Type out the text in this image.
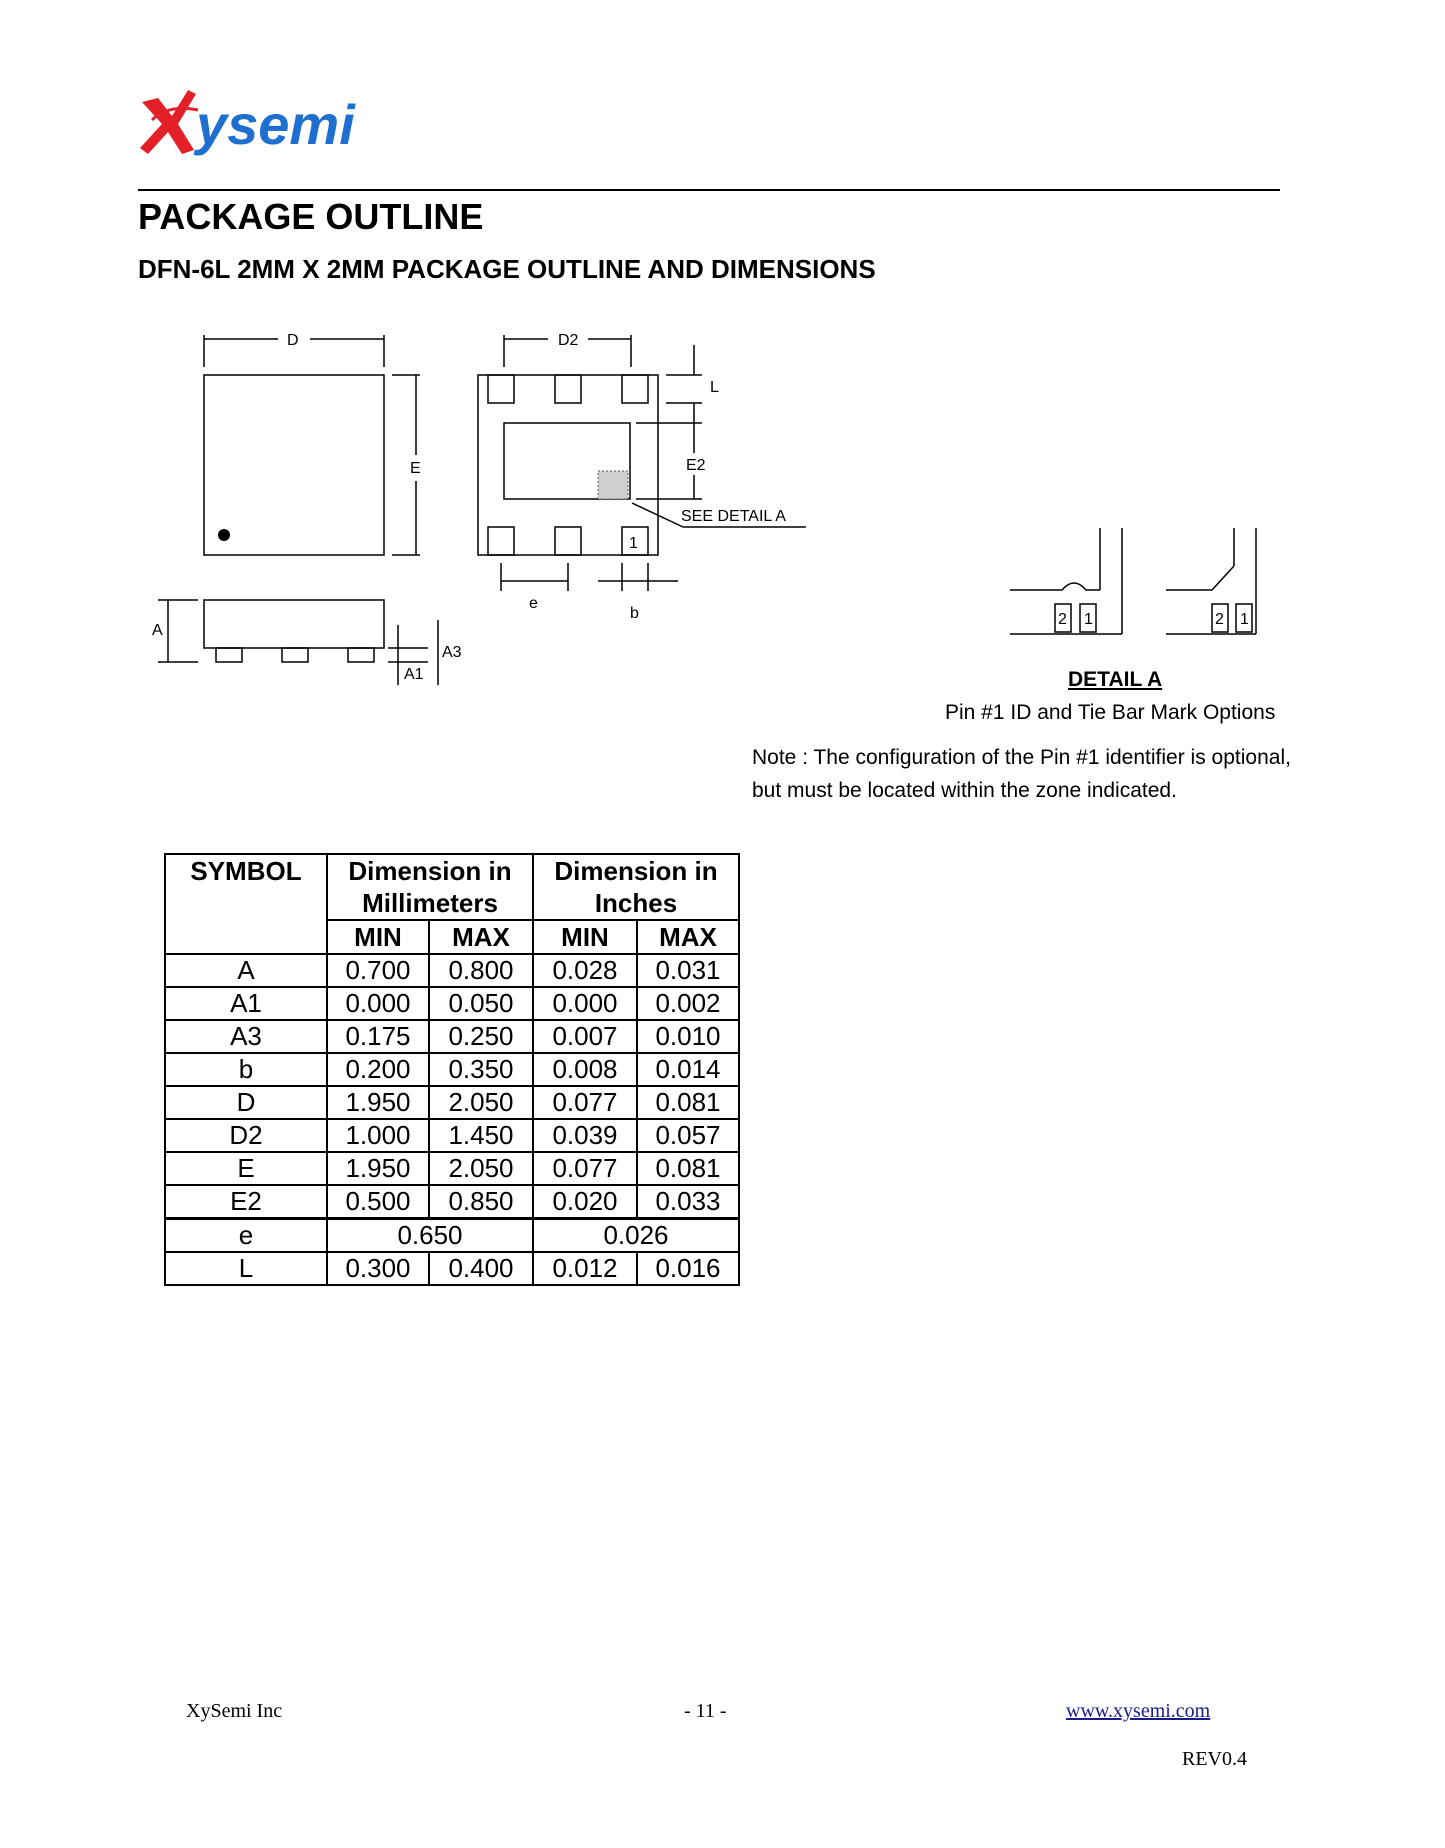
ysemi
PACKAGE OUTLINE
DFN-6L 2MM X 2MM PACKAGE OUTLINE AND DIMENSIONS
D
E
D2
L
E2
e
b
A
A1
A3
SEE DETAIL A
1
2 1	2 1
DETAIL A
Pin #1 ID and Tie Bar Mark Options
Note : The configuration of the Pin #1 identifier is optional,
but must be located within the zone indicated.
SYMBOL	Dimension in Millimeters		Dimension in Inches	
	MIN	MAX	MIN	MAX
A	0.700	0.800	0.028	0.031
A1	0.000	0.050	0.000	0.002
A3	0.175	0.250	0.007	0.010
b	0.200	0.350	0.008	0.014
D	1.950	2.050	0.077	0.081
D2	1.000	1.450	0.039	0.057
E	1.950	2.050	0.077	0.081
E2	0.500	0.850	0.020	0.033
e	0.650		0.026	
L	0.300	0.400	0.012	0.016
XySemi Inc	- 11 -	www.xysemi.com
REV0.4
